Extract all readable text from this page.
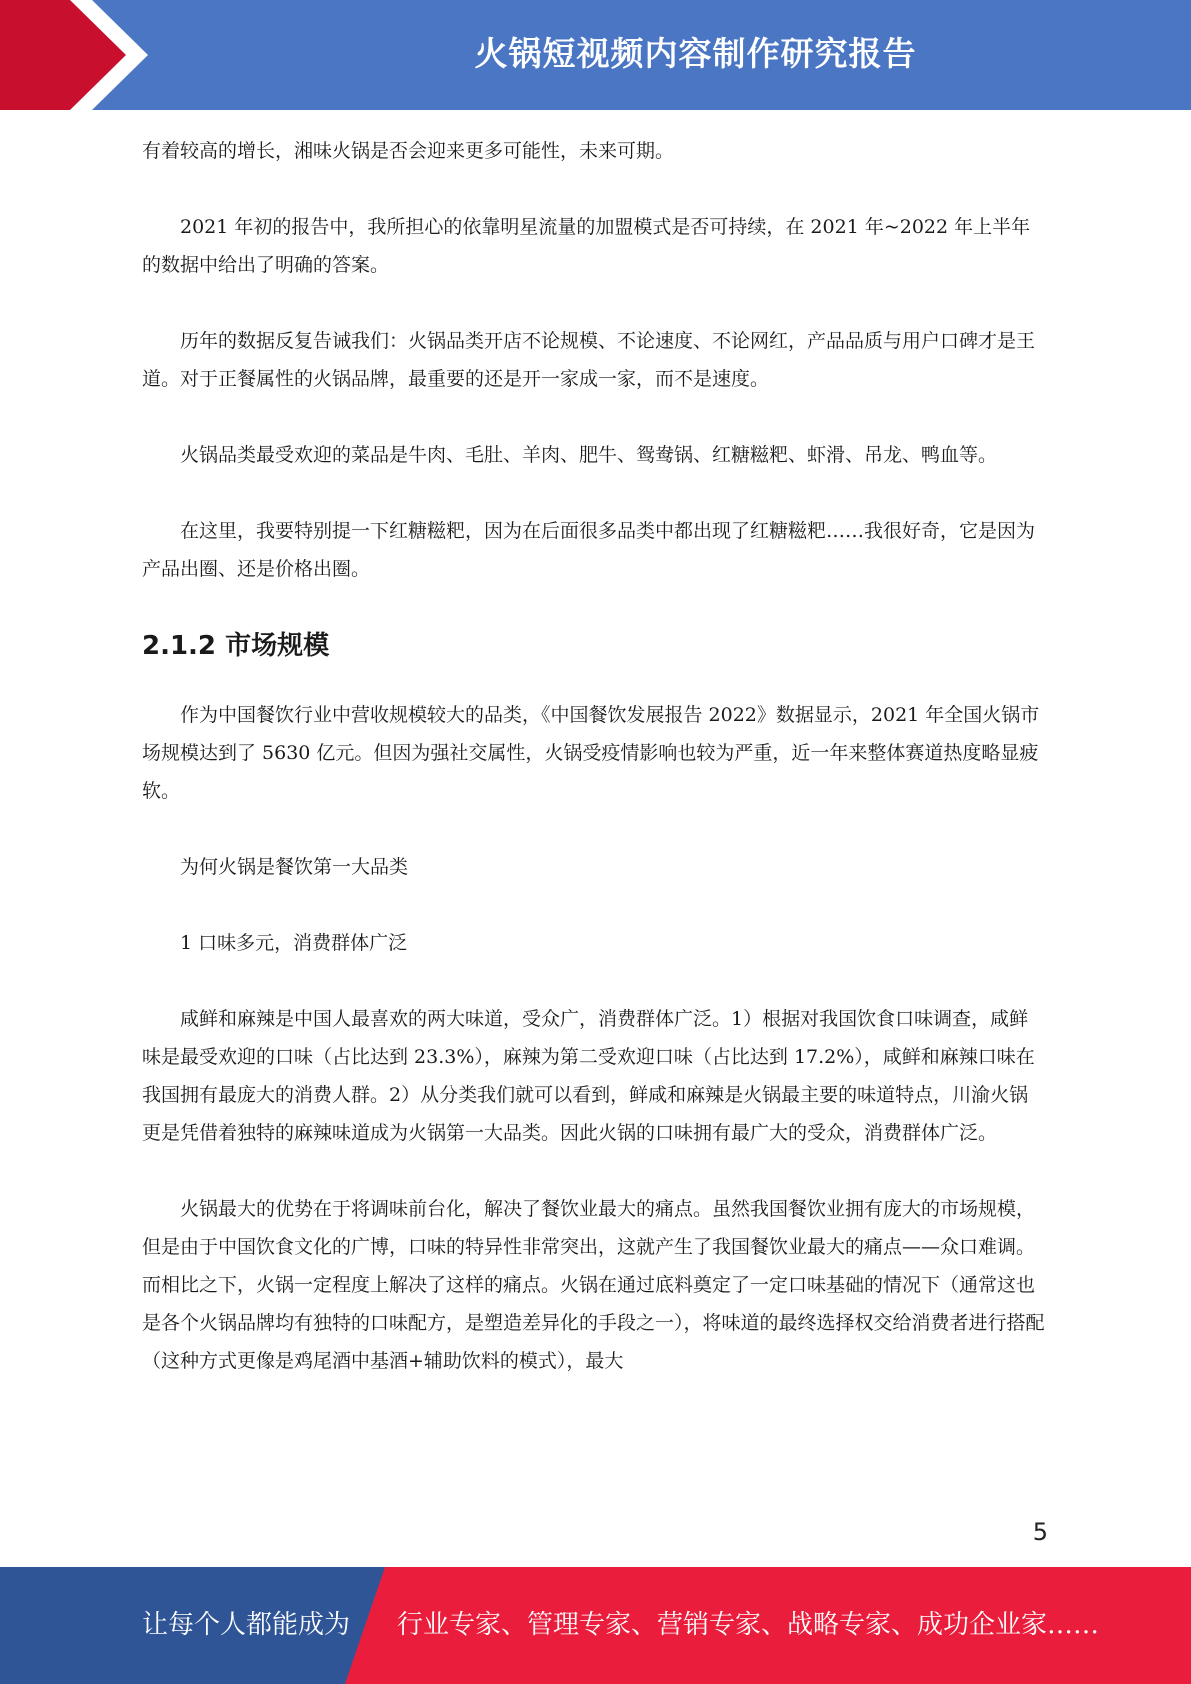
火锅短视频内容制作研究报告

有着较高的增长，湘味火锅是否会迎来更多可能性，未来可期。

2021 年初的报告中，我所担心的依靠明星流量的加盟模式是否可持续，在 2021 年~2022 年上半年的数据中给出了明确的答案。

历年的数据反复告诫我们：火锅品类开店不论规模、不论速度、不论网红，产品品质与用户口碑才是王道。对于正餐属性的火锅品牌，最重要的还是开一家成一家，而不是速度。

火锅品类最受欢迎的菜品是牛肉、毛肚、羊肉、肥牛、鸳鸯锅、红糖糍粑、虾滑、吊龙、鸭血等。

在这里，我要特别提一下红糖糍粑，因为在后面很多品类中都出现了红糖糍粑……我很好奇，它是因为产品出圈、还是价格出圈。

2.1.2 市场规模

作为中国餐饮行业中营收规模较大的品类，《中国餐饮发展报告 2022》数据显示，2021 年全国火锅市场规模达到了 5630 亿元。但因为强社交属性，火锅受疫情影响也较为严重，近一年来整体赛道热度略显疲软。

为何火锅是餐饮第一大品类

1 口味多元，消费群体广泛

咸鲜和麻辣是中国人最喜欢的两大味道，受众广，消费群体广泛。1）根据对我国饮食口味调查，咸鲜味是最受欢迎的口味（占比达到 23.3%），麻辣为第二受欢迎口味（占比达到 17.2%），咸鲜和麻辣口味在我国拥有最庞大的消费人群。2）从分类我们就可以看到，鲜咸和麻辣是火锅最主要的味道特点，川渝火锅更是凭借着独特的麻辣味道成为火锅第一大品类。因此火锅的口味拥有最广大的受众，消费群体广泛。

火锅最大的优势在于将调味前台化，解决了餐饮业最大的痛点。虽然我国餐饮业拥有庞大的市场规模，但是由于中国饮食文化的广博，口味的特异性非常突出，这就产生了我国餐饮业最大的痛点——众口难调。而相比之下，火锅一定程度上解决了这样的痛点。火锅在通过底料奠定了一定口味基础的情况下（通常这也是各个火锅品牌均有独特的口味配方，是塑造差异化的手段之一），将味道的最终选择权交给消费者进行搭配（这种方式更像是鸡尾酒中基酒+辅助饮料的模式），最大

5
让每个人都能成为 行业专家、管理专家、营销专家、战略专家、成功企业家……
